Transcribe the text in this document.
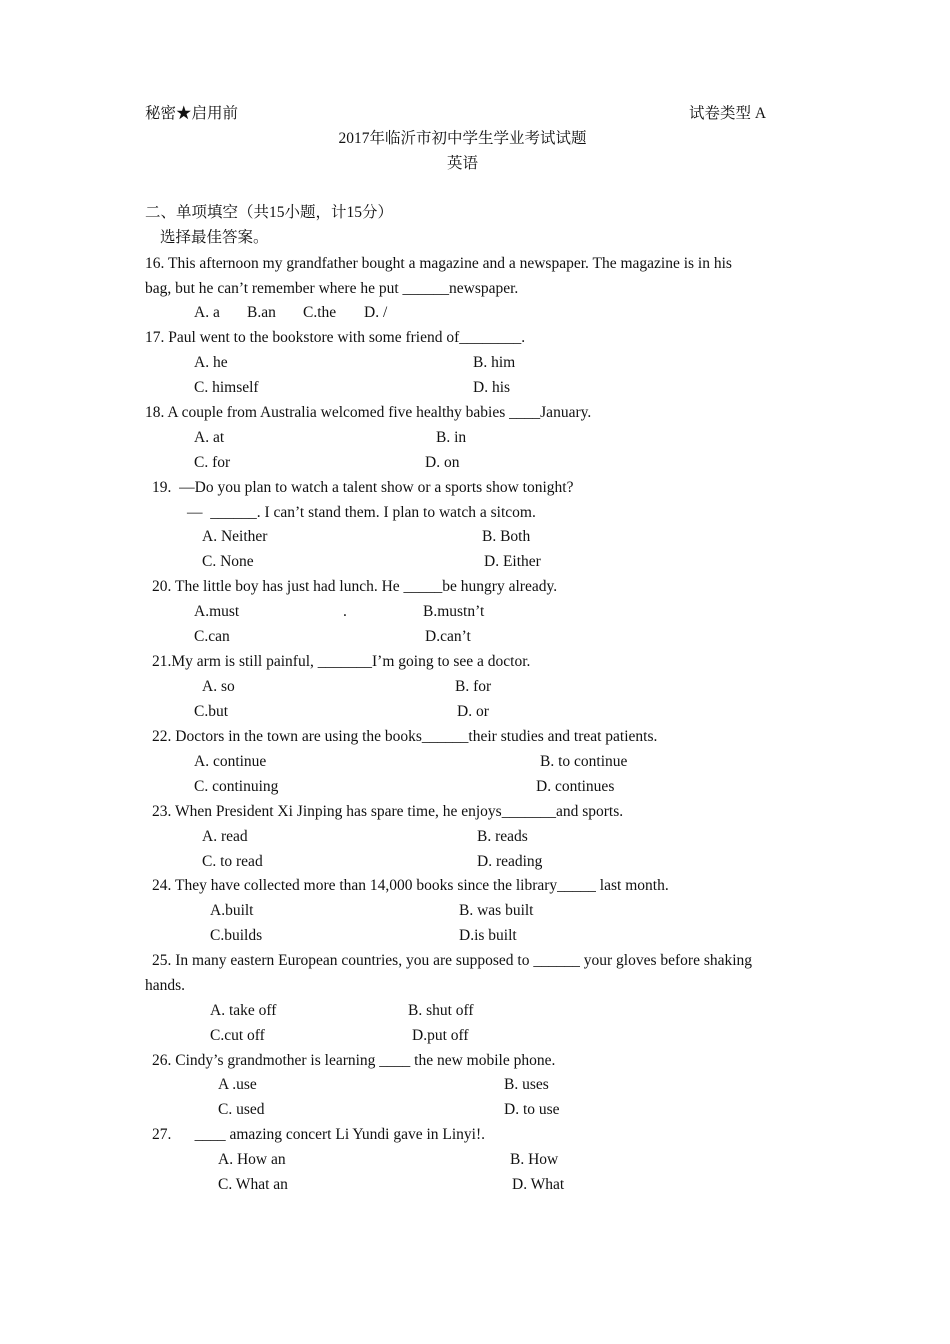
秘密★启用前	试卷类型 A
2017年临沂市初中学生学业考试试题
英语
二、单项填空（共15小题，计15分）
选择最佳答案。
16. This afternoon my grandfather bought a magazine and a newspaper. The magazine is in his
bag, but he can’t remember where he put ______newspaper.
A. a B.an C.the D. /
17. Paul went to the bookstore with some friend of________.
A. he	B. him
C. himself	D. his
18. A couple from Australia welcomed five healthy babies ____January.
A. at	B. in
C. for	D. on
19.  —Do you plan to watch a talent show or a sports show tonight?
—  ______. I can’t stand them. I plan to watch a sitcom.
A. Neither	B. Both
C. None	D. Either
20. The little boy has just had lunch. He _____be hungry already.
A.must	.	B.mustn’t
C.can	D.can’t
21.My arm is still painful, _______I’m going to see a doctor.
A. so	B. for
C.but	D. or
22. Doctors in the town are using the books______their studies and treat patients.
A. continue	B. to continue
C. continuing	D. continues
23. When President Xi Jinping has spare time, he enjoys_______and sports.
A. read	B. reads
C. to read	D. reading
24. They have collected more than 14,000 books since the library_____ last month.
A.built	B. was built
C.builds	D.is built
25. In many eastern European countries, you are supposed to ______ your gloves before shaking
hands.
A. take off	B. shut off
C.cut off	D.put off
26. Cindy’s grandmother is learning ____ the new mobile phone.
A .use	B. uses
C. used	D. to use
27.      ____ amazing concert Li Yundi gave in Linyi!.
A. How an	B. How
C. What an	D. What
